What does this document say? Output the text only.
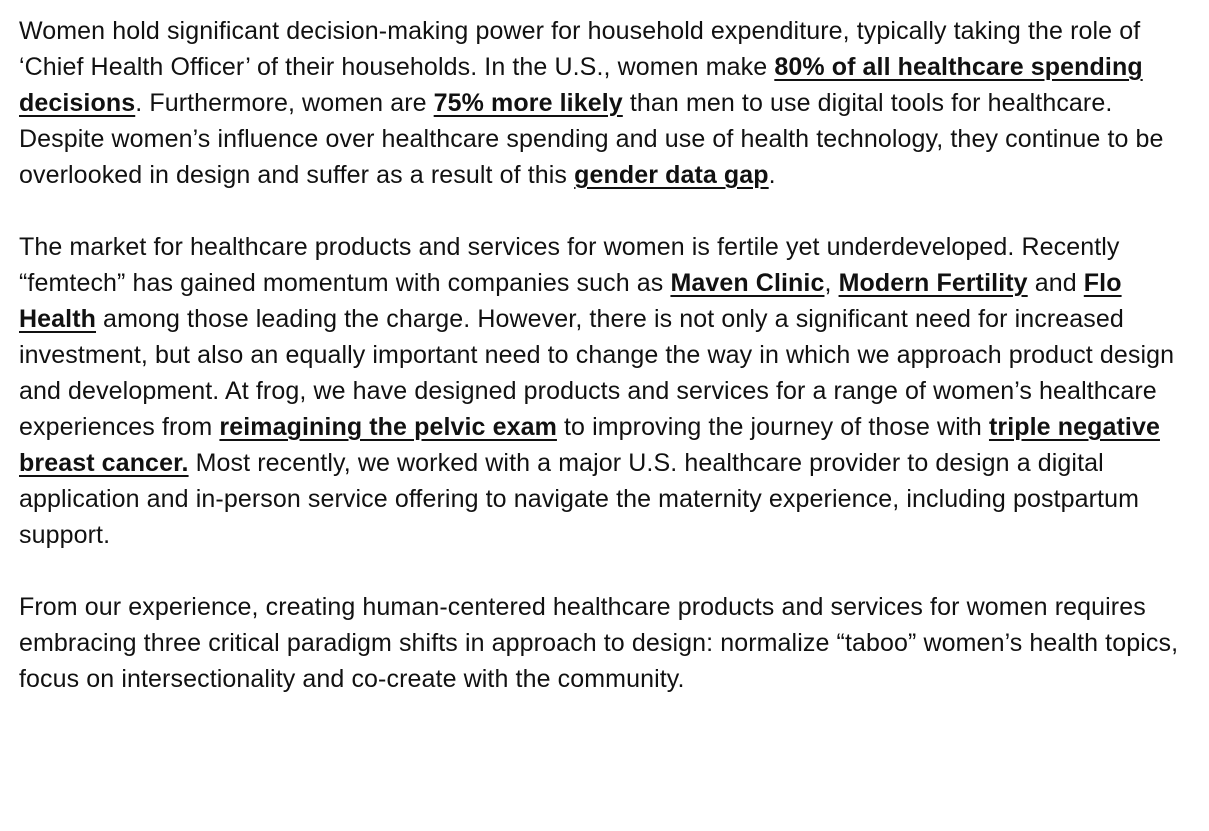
Women hold significant decision-making power for household expenditure, typically taking the role of ‘Chief Health Officer’ of their households. In the U.S., women make 80% of all healthcare spending decisions. Furthermore, women are 75% more likely than men to use digital tools for healthcare. Despite women’s influence over healthcare spending and use of health technology, they continue to be overlooked in design and suffer as a result of this gender data gap.

The market for healthcare products and services for women is fertile yet underdeveloped. Recently “femtech” has gained momentum with companies such as Maven Clinic, Modern Fertility and Flo Health among those leading the charge. However, there is not only a significant need for increased investment, but also an equally important need to change the way in which we approach product design and development. At frog, we have designed products and services for a range of women’s healthcare experiences from reimagining the pelvic exam to improving the journey of those with triple negative breast cancer. Most recently, we worked with a major U.S. healthcare provider to design a digital application and in-person service offering to navigate the maternity experience, including postpartum support.

From our experience, creating human-centered healthcare products and services for women requires embracing three critical paradigm shifts in approach to design: normalize “taboo” women’s health topics, focus on intersectionality and co-create with the community.
